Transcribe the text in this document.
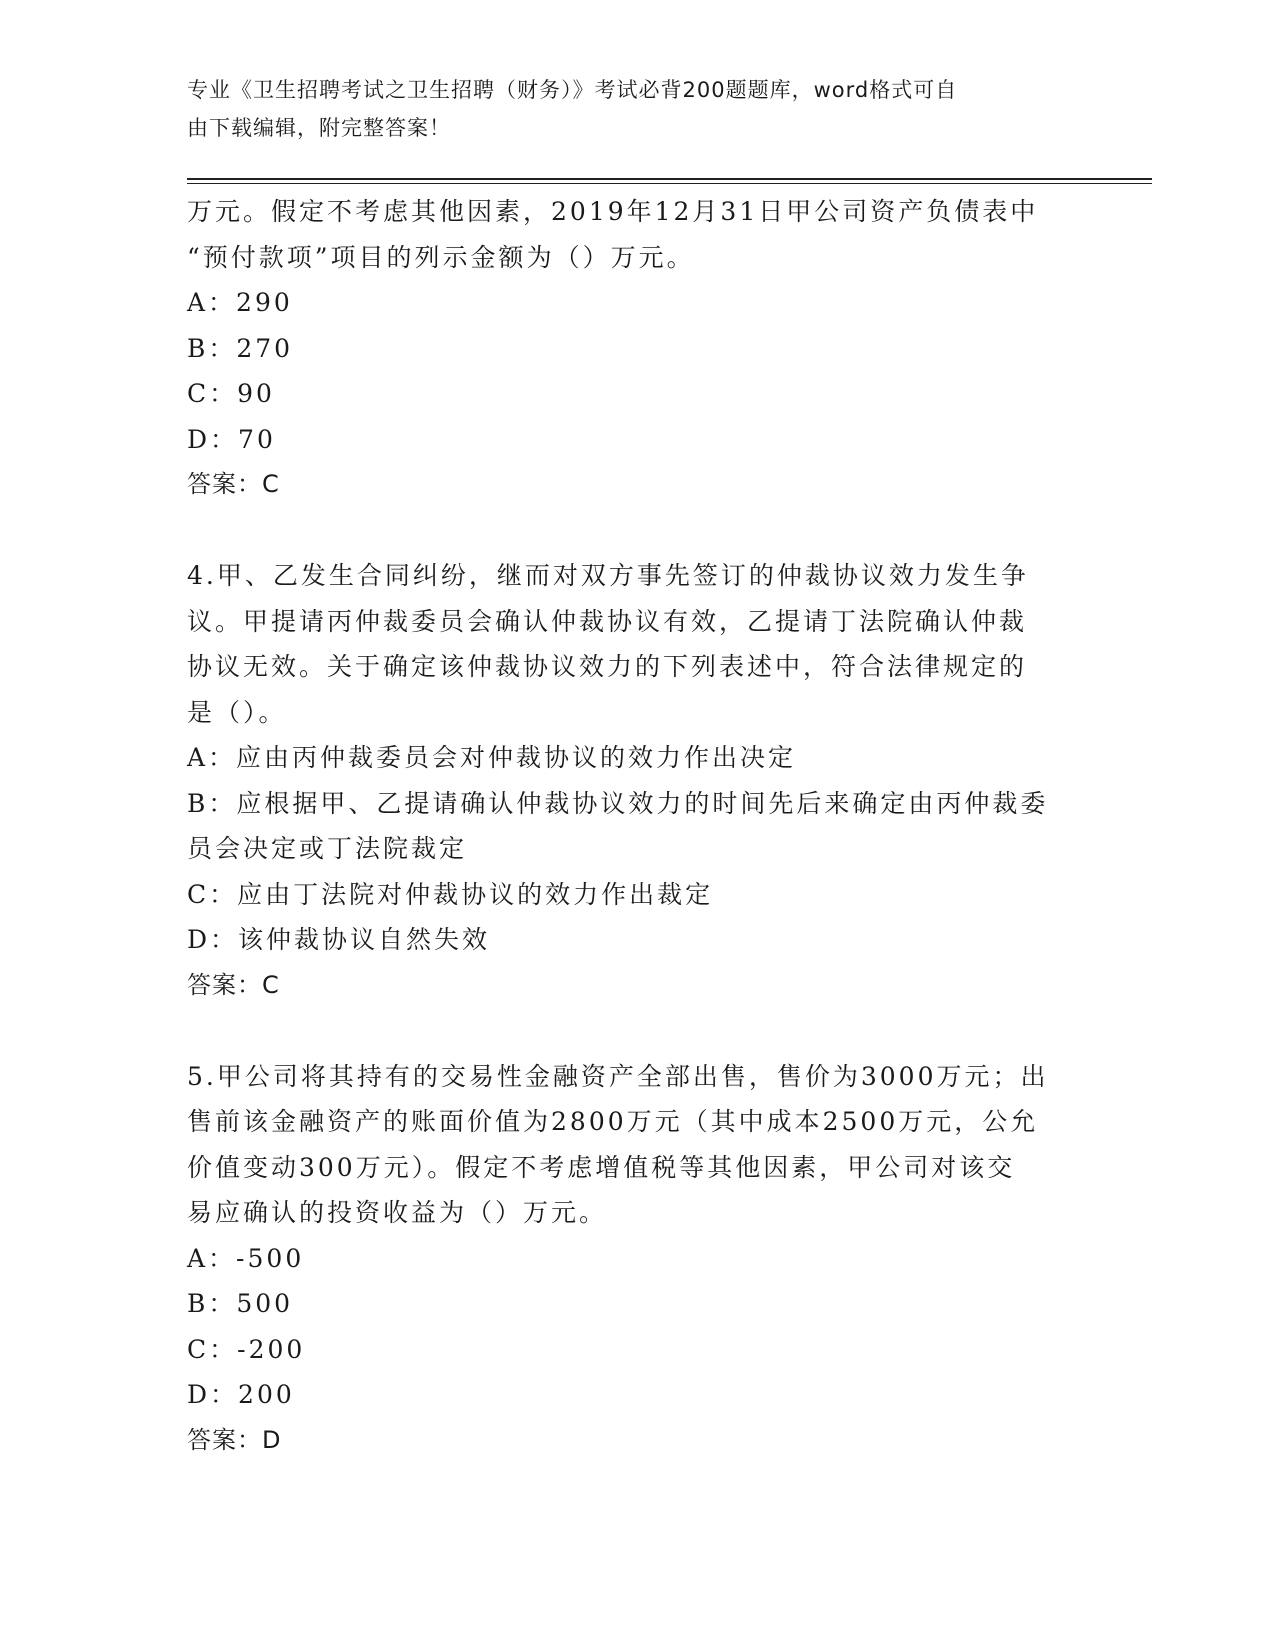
专业《卫生招聘考试之卫生招聘（财务）》考试必背200题题库，word格式可自
由下载编辑，附完整答案！
万元。假定不考虑其他因素，2019年12月31日甲公司资产负债表中
“预付款项”项目的列示金额为（）万元。
A：290
B：270
C：90
D：70
答案：C
4.甲、乙发生合同纠纷，继而对双方事先签订的仲裁协议效力发生争
议。甲提请丙仲裁委员会确认仲裁协议有效，乙提请丁法院确认仲裁
协议无效。关于确定该仲裁协议效力的下列表述中，符合法律规定的
是（）。
A：应由丙仲裁委员会对仲裁协议的效力作出决定
B：应根据甲、乙提请确认仲裁协议效力的时间先后来确定由丙仲裁委
员会决定或丁法院裁定
C：应由丁法院对仲裁协议的效力作出裁定
D：该仲裁协议自然失效
答案：C
5.甲公司将其持有的交易性金融资产全部出售，售价为3000万元；出
售前该金融资产的账面价值为2800万元（其中成本2500万元，公允
价值变动300万元）。假定不考虑增值税等其他因素，甲公司对该交
易应确认的投资收益为（）万元。
A：-500
B：500
C：-200
D：200
答案：D
